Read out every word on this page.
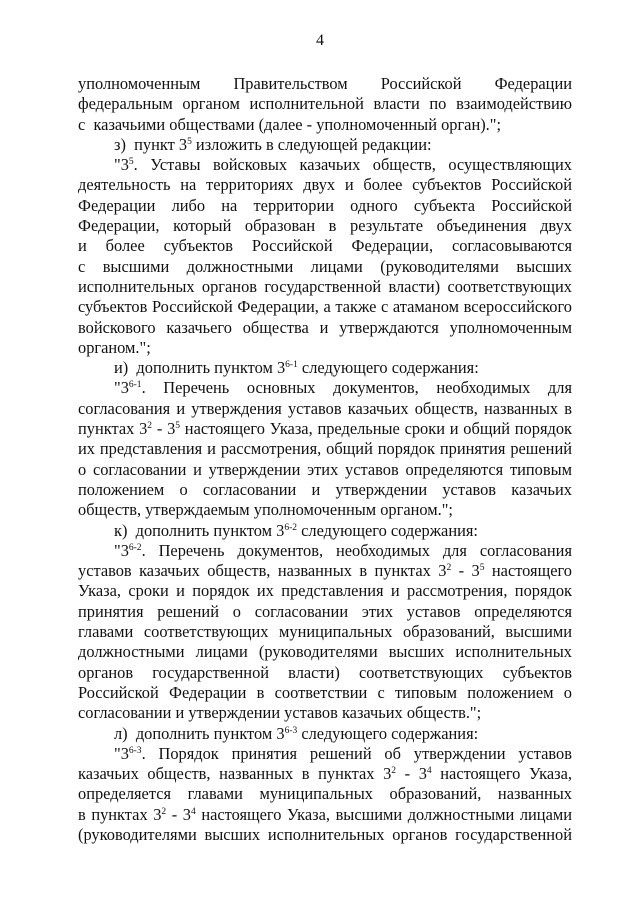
4
уполномоченным Правительством Российской Федерации
федеральным органом исполнительной власти по взаимодействию
с  казачьими обществами (далее - уполномоченный орган).";
з)  пункт $3^5$ изложить в следующей редакции:
"$3^5$. Уставы войсковых казачьих обществ, осуществляющих
деятельность на территориях двух и более субъектов Российской
Федерации либо на территории одного субъекта Российской
Федерации, который образован в результате объединения двух
и более субъектов Российской Федерации, согласовываются
с высшими должностными лицами (руководителями высших
исполнительных органов государственной власти) соответствующих
субъектов Российской Федерации, а также с атаманом всероссийского
войскового казачьего общества и утверждаются уполномоченным
органом.";
и)  дополнить пунктом 3$^{6-1}$ следующего содержания:
"3$^{6-1}$. Перечень основных документов, необходимых для
согласования и утверждения уставов казачьих обществ, названных в
пунктах $3^2 - 3^5$ настоящего Указа, предельные сроки и общий порядок
их представления и рассмотрения, общий порядок принятия решений
о согласовании и утверждении этих уставов определяются типовым
положением о согласовании и утверждении уставов казачьих
обществ, утверждаемым уполномоченным органом.";
к)  дополнить пунктом 3$^{6-2}$ следующего содержания:
"3$^{6-2}$. Перечень документов, необходимых для согласования
уставов казачьих обществ, названных в пунктах $3^2 - 3^5$ настоящего
Указа, сроки и порядок их представления и рассмотрения, порядок
принятия решений о согласовании этих уставов определяются
главами соответствующих муниципальных образований, высшими
должностными лицами (руководителями высших исполнительных
органов государственной власти) соответствующих субъектов
Российской Федерации в соответствии с типовым положением о
согласовании и утверждении уставов казачьих обществ.";
л)  дополнить пунктом 3$^{6-3}$ следующего содержания:
"3$^{6-3}$. Порядок принятия решений об утверждении уставов
казачьих обществ, названных в пунктах $3^2 - 3^4$ настоящего Указа,
определяется главами муниципальных образований, названных
в пунктах $3^2 - 3^4$ настоящего Указа, высшими должностными лицами
(руководителями высших исполнительных органов государственной
